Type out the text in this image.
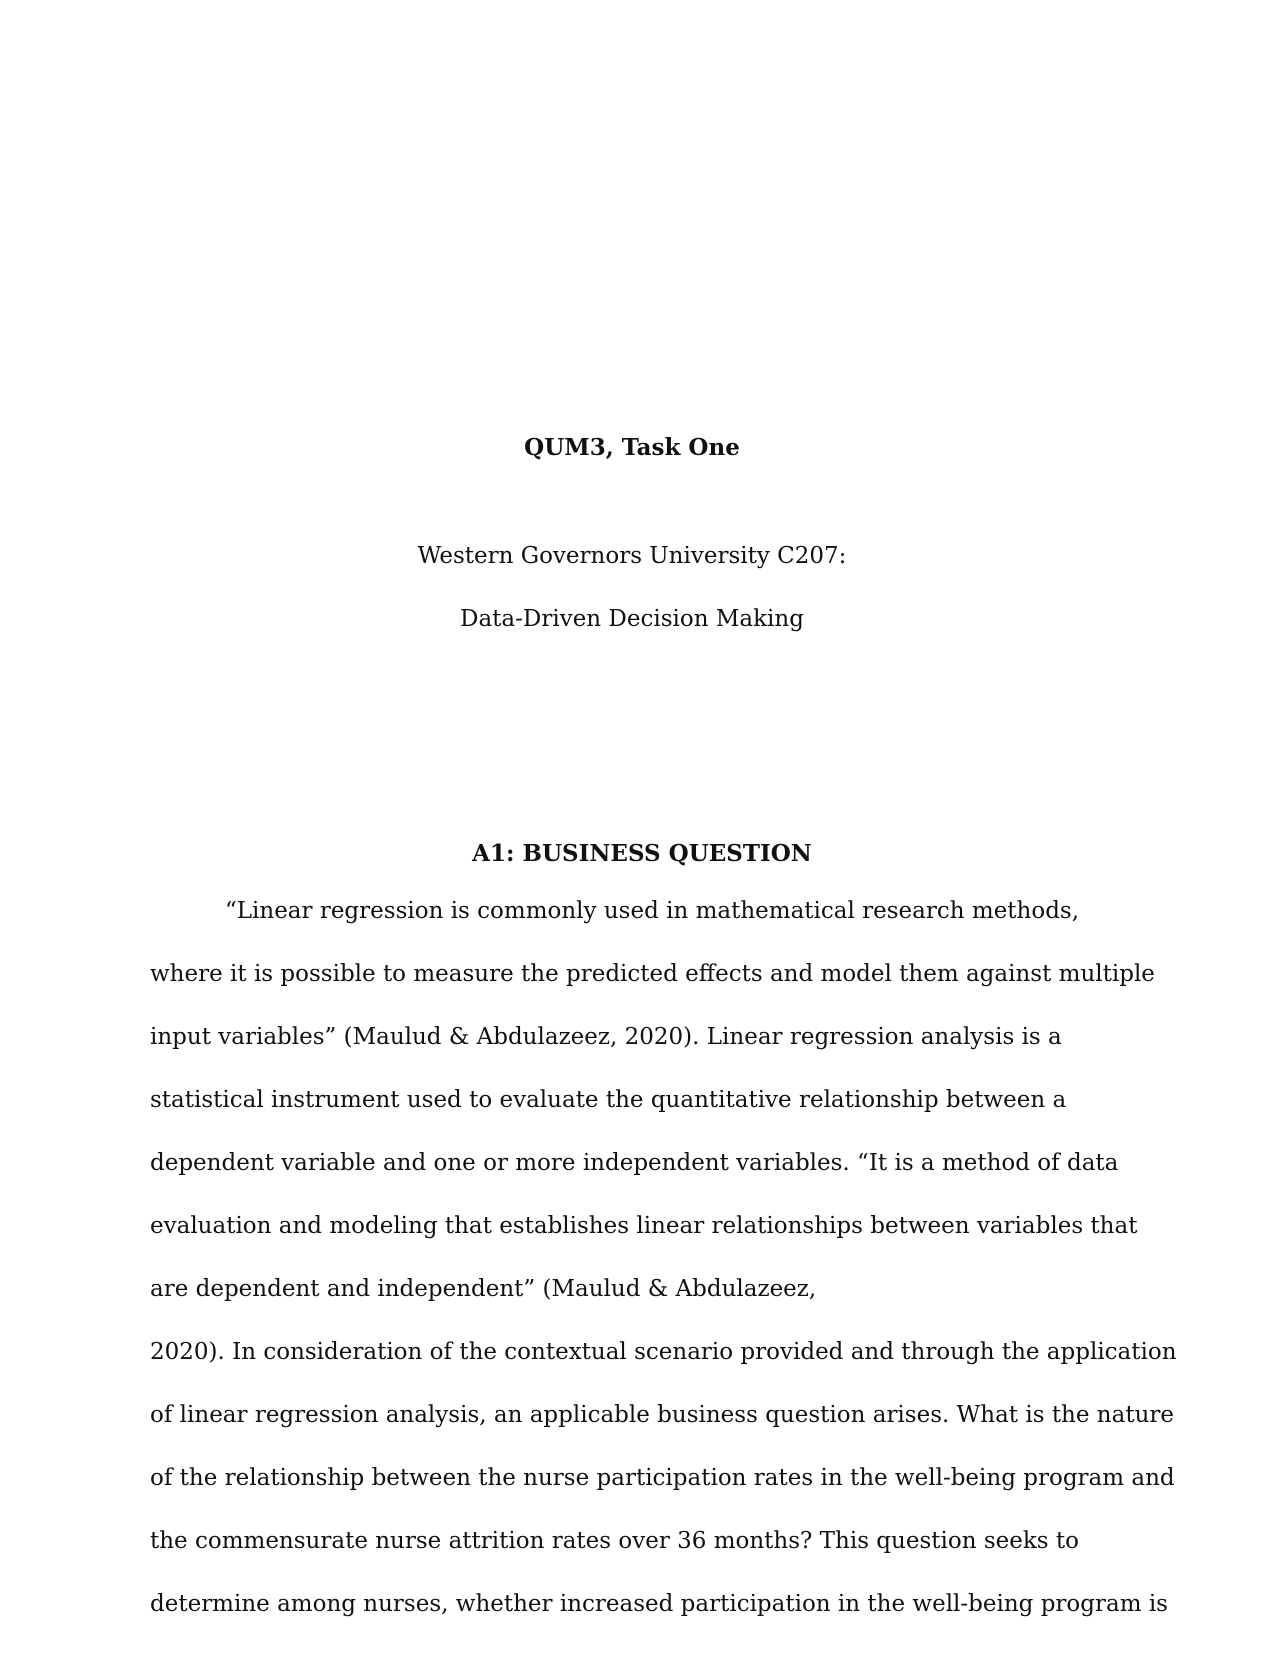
QUM3, Task One
Western Governors University C207:
Data-Driven Decision Making
A1: BUSINESS QUESTION
“Linear regression is commonly used in mathematical research methods,
where it is possible to measure the predicted effects and model them against multiple
input variables” (Maulud & Abdulazeez, 2020). Linear regression analysis is a
statistical instrument used to evaluate the quantitative relationship between a
dependent variable and one or more independent variables. “It is a method of data
evaluation and modeling that establishes linear relationships between variables that
are dependent and independent” (Maulud & Abdulazeez,
2020). In consideration of the contextual scenario provided and through the application
of linear regression analysis, an applicable business question arises. What is the nature
of the relationship between the nurse participation rates in the well-being program and
the commensurate nurse attrition rates over 36 months? This question seeks to
determine among nurses, whether increased participation in the well-being program is
